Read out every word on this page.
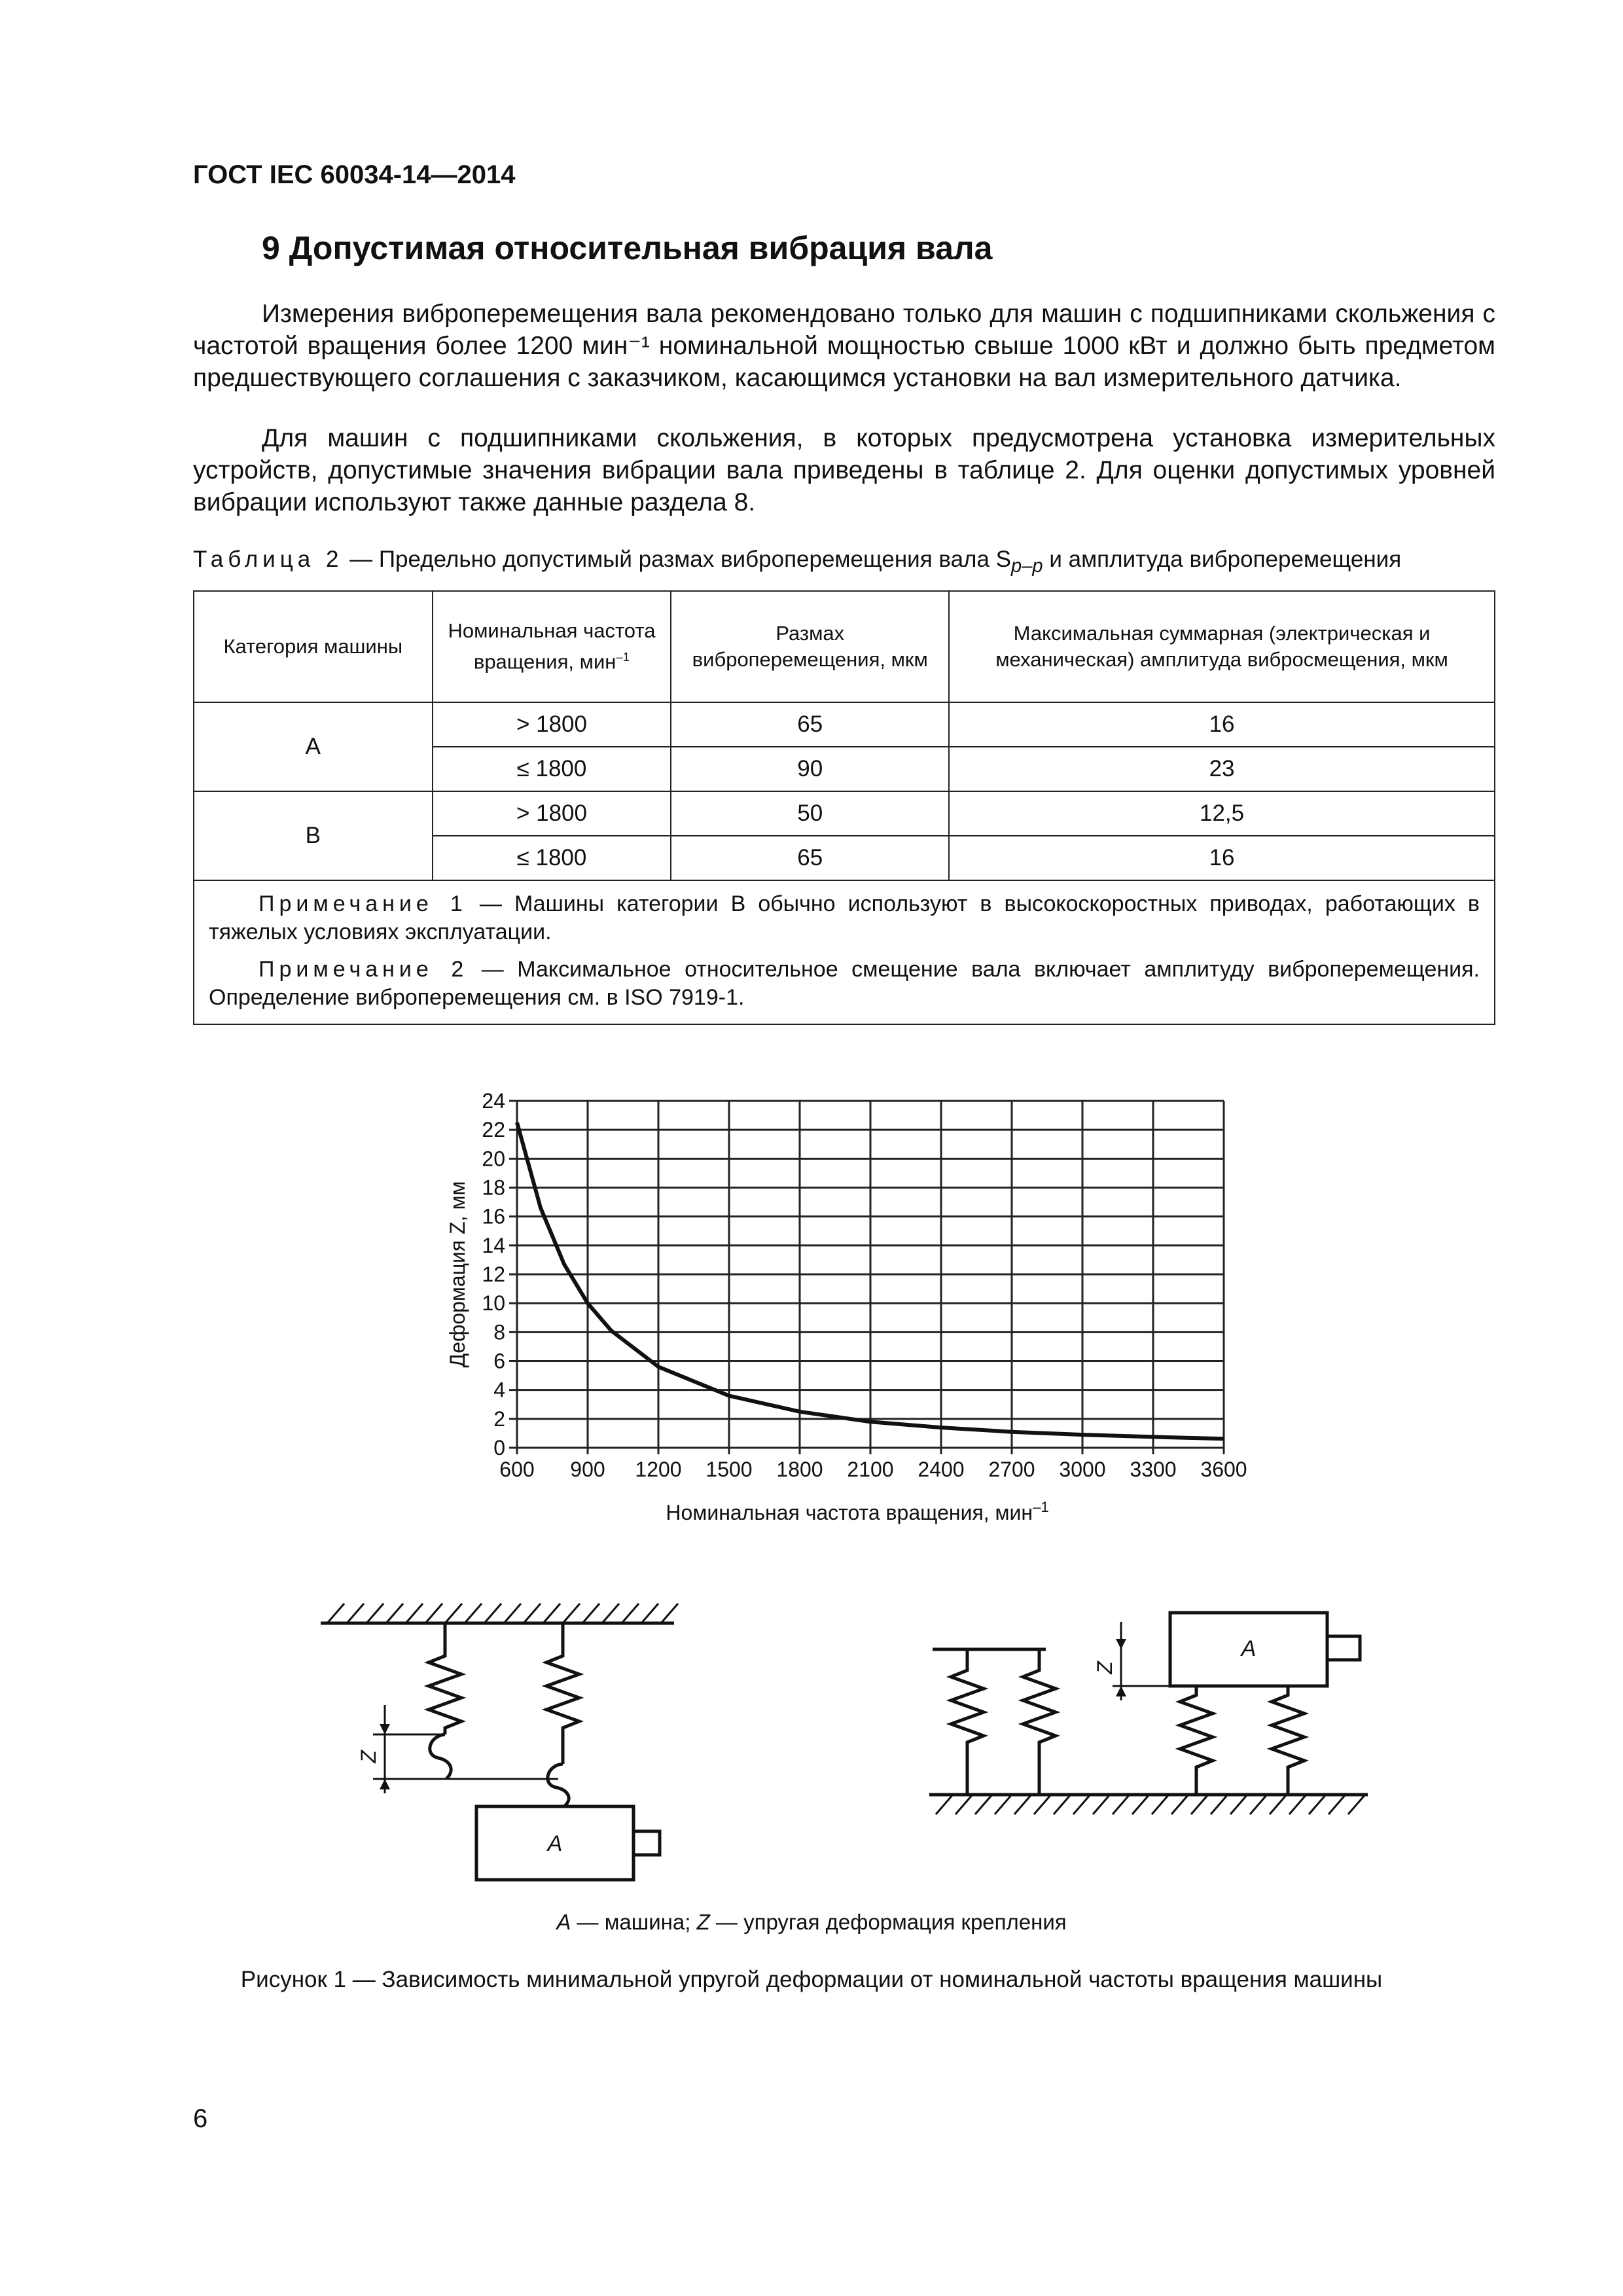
ГОСТ IEC 60034-14—2014
9 Допустимая относительная вибрация вала
Измерения виброперемещения вала рекомендовано только для машин с подшипниками скольжения с частотой вращения более 1200 мин⁻¹ номинальной мощностью свыше 1000 кВт и должно быть предметом предшествующего соглашения с заказчиком, касающимся установки на вал измерительного датчика.
Для машин с подшипниками скольжения, в которых предусмотрена установка измерительных устройств, допустимые значения вибрации вала приведены в таблице 2. Для оценки допустимых уровней вибрации используют также данные раздела 8.
Таблица 2 — Предельно допустимый размах виброперемещения вала $S_{p-p}$ и амплитуда виброперемещения
Категория машины	Номинальная частота вращения, мин$^{-1}$	Размах виброперемещения, мкм	Максимальная суммарная (электрическая и механическая) амплитуда вибросмещения, мкм
A	> 1800	65	16
	≤ 1800	90	23
B	> 1800	50	12,5
	≤ 1800	65	16

Примечание 1 — Машины категории B обычно используют в высокоскоростных приводах, работающих в тяжелых условиях эксплуатации.
Примечание 2 — Максимальное относительное смещение вала включает амплитуду виброперемещения. Определение виброперемещения см. в ISO 7919-1.			
600 900 1200 1500 1800 2100 2400 2700 3000 3300 3600
0
2
4
6
8
10
12
14
16
18
20
22
24
Деформация Z, мм
Номинальная частота вращения, мин$^{-1}$
Z
A
A
Z
A — машина; Z — упругая деформация крепления
Рисунок 1 — Зависимость минимальной упругой деформации от номинальной частоты вращения машины
6
